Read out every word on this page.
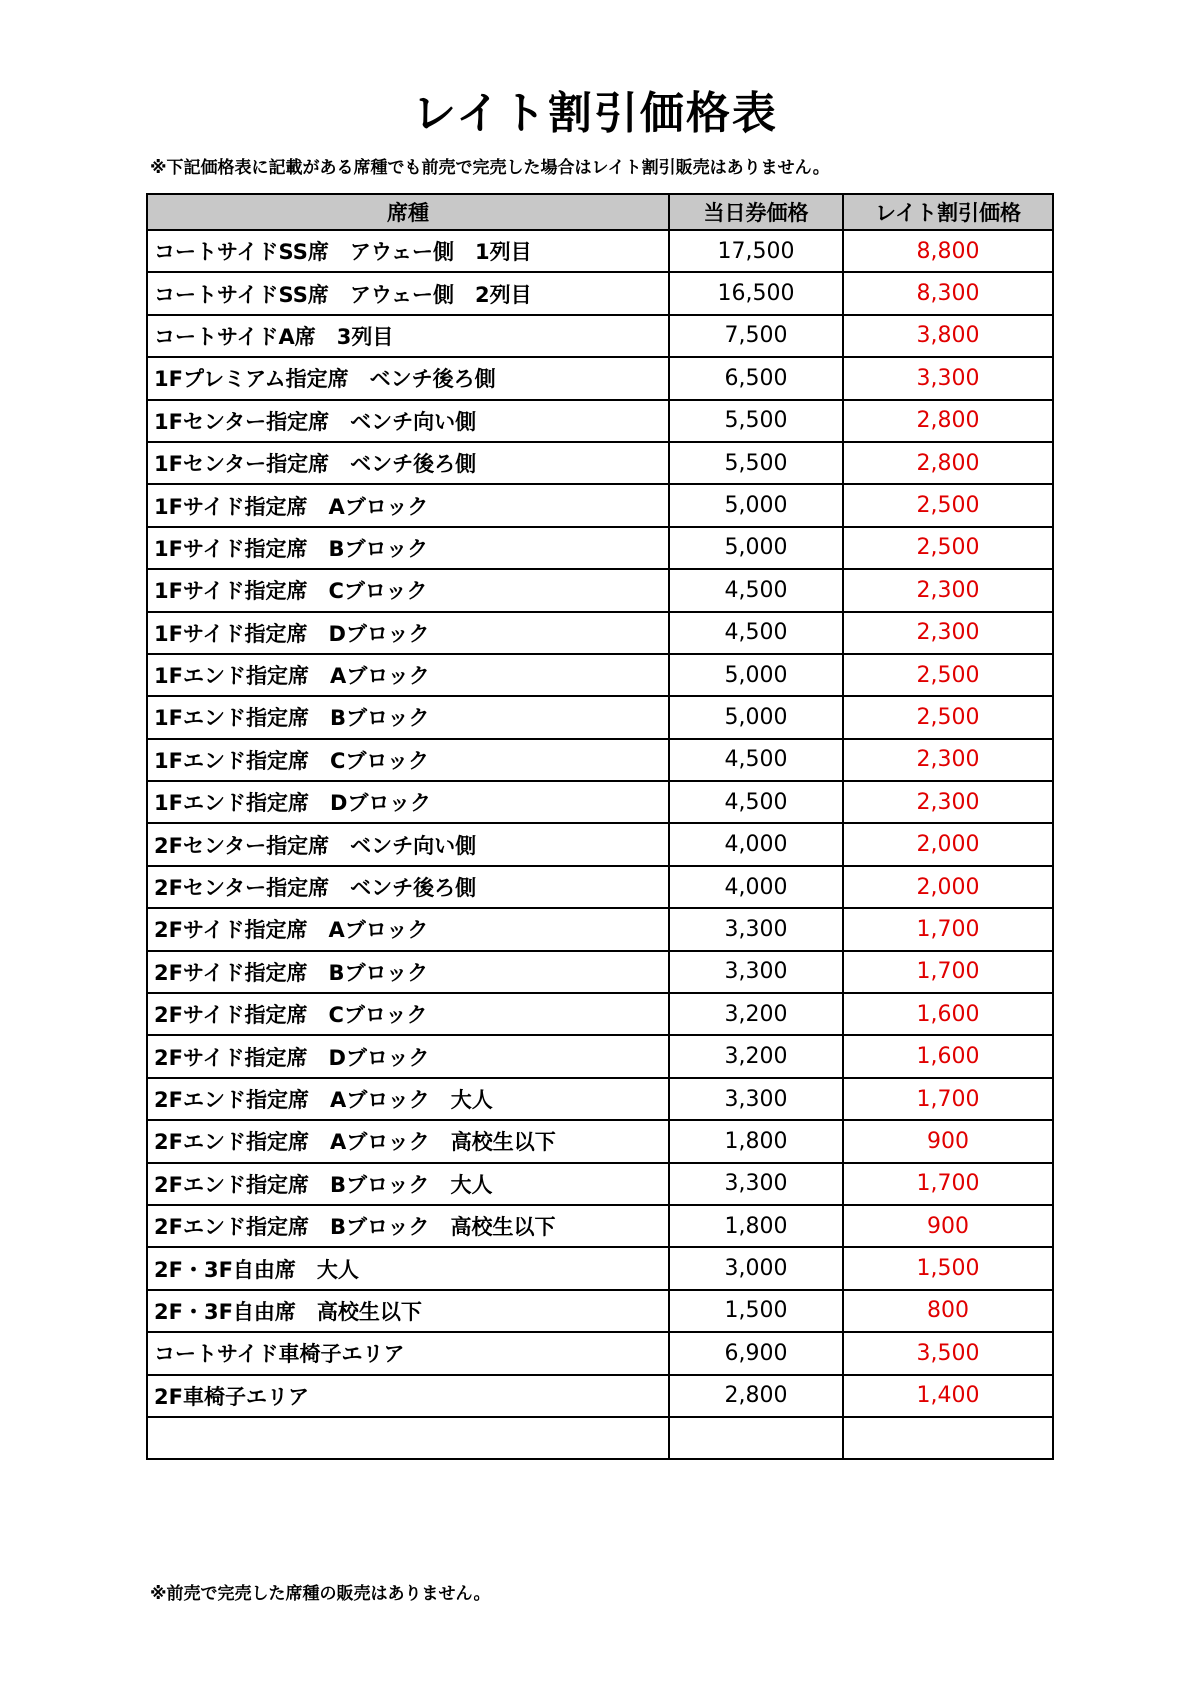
レイト割引価格表
※下記価格表に記載がある席種でも前売で完売した場合はレイト割引販売はありません。
席種	当日券価格	レイト割引価格
コートサイドSS席　アウェー側　1列目	17,500	8,800
コートサイドSS席　アウェー側　2列目	16,500	8,300
コートサイドA席　3列目	7,500	3,800
1Fプレミアム指定席　ベンチ後ろ側	6,500	3,300
1Fセンター指定席　ベンチ向い側	5,500	2,800
1Fセンター指定席　ベンチ後ろ側	5,500	2,800
1Fサイド指定席　Aブロック	5,000	2,500
1Fサイド指定席　Bブロック	5,000	2,500
1Fサイド指定席　Cブロック	4,500	2,300
1Fサイド指定席　Dブロック	4,500	2,300
1Fエンド指定席　Aブロック	5,000	2,500
1Fエンド指定席　Bブロック	5,000	2,500
1Fエンド指定席　Cブロック	4,500	2,300
1Fエンド指定席　Dブロック	4,500	2,300
2Fセンター指定席　ベンチ向い側	4,000	2,000
2Fセンター指定席　ベンチ後ろ側	4,000	2,000
2Fサイド指定席　Aブロック	3,300	1,700
2Fサイド指定席　Bブロック	3,300	1,700
2Fサイド指定席　Cブロック	3,200	1,600
2Fサイド指定席　Dブロック	3,200	1,600
2Fエンド指定席　Aブロック　大人	3,300	1,700
2Fエンド指定席　Aブロック　高校生以下	1,800	900
2Fエンド指定席　Bブロック　大人	3,300	1,700
2Fエンド指定席　Bブロック　高校生以下	1,800	900
2F・3F自由席　大人	3,000	1,500
2F・3F自由席　高校生以下	1,500	800
コートサイド車椅子エリア	6,900	3,500
2F車椅子エリア	2,800	1,400

※前売で完売した席種の販売はありません。
